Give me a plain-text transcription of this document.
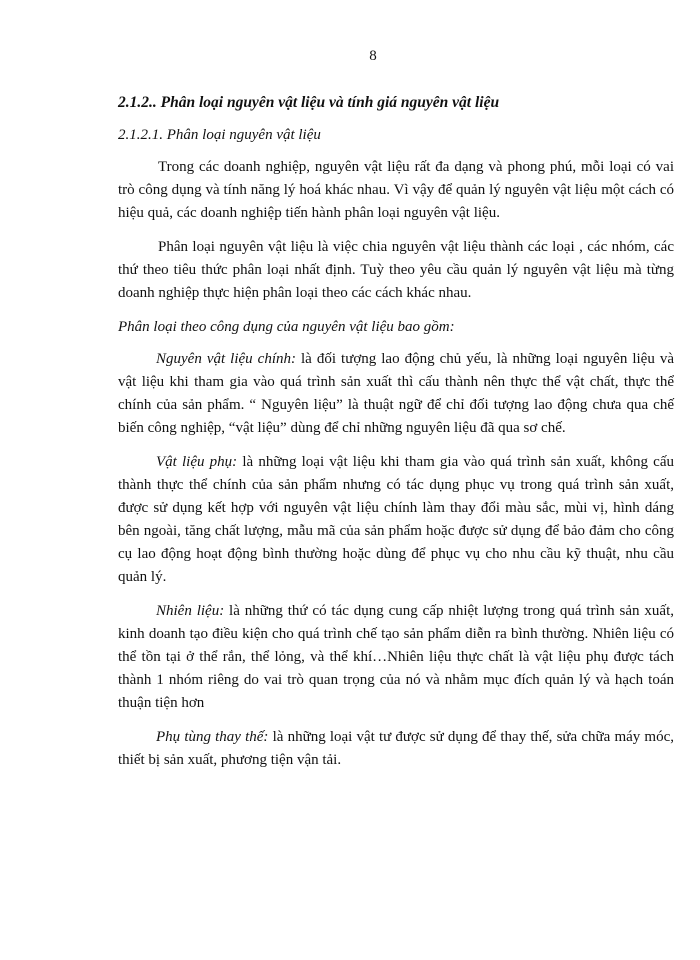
8
2.1.2.. Phân loại nguyên vật liệu và tính giá nguyên vật liệu
2.1.2.1. Phân loại nguyên vật liệu

Trong các doanh nghiệp, nguyên vật liệu rất đa dạng và phong phú, mỗi loại có vai trò công dụng và tính năng lý hoá khác nhau. Vì vậy để quản lý nguyên vật liệu một cách có hiệu quả, các doanh nghiệp tiến hành phân loại nguyên vật liệu.

Phân loại nguyên vật liệu là việc chia nguyên vật liệu thành các loại , các nhóm, các thứ theo tiêu thức phân loại nhất định. Tuỳ theo yêu cầu quản lý nguyên vật liệu mà từng doanh nghiệp thực hiện phân loại theo các cách khác nhau.

Phân loại theo công dụng của nguyên vật liệu bao gồm:

Nguyên vật liệu chính: là đối tượng lao động chủ yếu, là những loại nguyên liệu và vật liệu khi tham gia vào quá trình sản xuất thì cấu thành nên thực thể vật chất, thực thể chính của sản phẩm. “ Nguyên liệu” là thuật ngữ để chỉ đối tượng lao động chưa qua chế biến công nghiệp, “vật liệu” dùng để chỉ những nguyên liệu đã qua sơ chế.

Vật liệu phụ: là những loại vật liệu khi tham gia vào quá trình sản xuất, không cấu thành thực thể chính của sản phẩm nhưng có tác dụng phục vụ trong quá trình sản xuất, được sử dụng kết hợp với nguyên vật liệu chính làm thay đổi màu sắc, mùi vị, hình dáng bên ngoài, tăng chất lượng, mẫu mã của sản phẩm hoặc được sử dụng để bảo đảm cho công cụ lao động hoạt động bình thường hoặc dùng để phục vụ cho nhu cầu kỹ thuật, nhu cầu quản lý.

Nhiên liệu: là những thứ có tác dụng cung cấp nhiệt lượng trong quá trình sản xuất, kinh doanh tạo điều kiện cho quá trình chế tạo sản phẩm diễn ra bình thường. Nhiên liệu có thể tồn tại ở thể rắn, thể lỏng, và thể khí…Nhiên liệu thực chất là vật liệu phụ được tách thành 1 nhóm riêng do vai trò quan trọng của nó và nhằm mục đích quản lý và hạch toán thuận tiện hơn

Phụ tùng thay thế: là những loại vật tư được sử dụng để thay thế, sửa chữa máy móc, thiết bị sản xuất, phương tiện vận tải.
